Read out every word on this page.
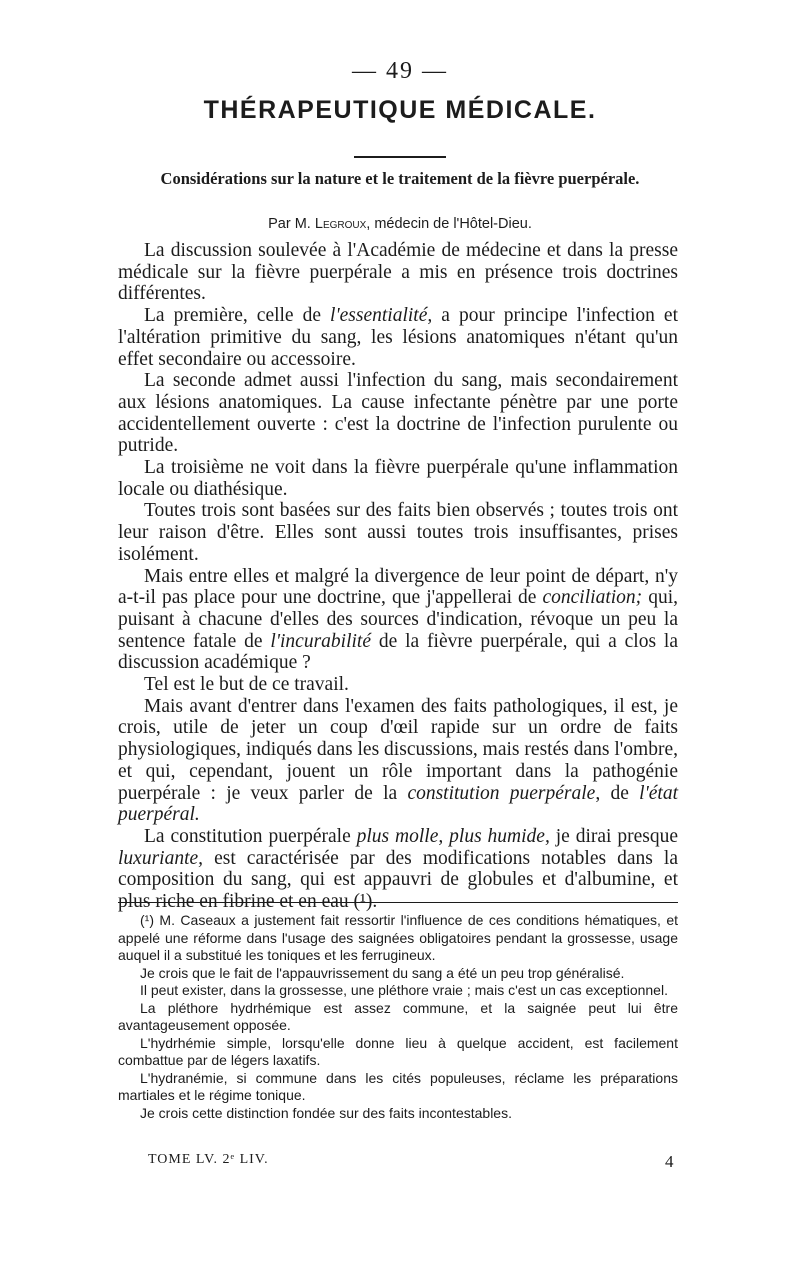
— 49 —
THÉRAPEUTIQUE MÉDICALE.
Considérations sur la nature et le traitement de la fièvre puerpérale.
Par M. Legroux, médecin de l'Hôtel-Dieu.

La discussion soulevée à l'Académie de médecine et dans la presse médicale sur la fièvre puerpérale a mis en présence trois doctrines différentes.

La première, celle de l'essentialité, a pour principe l'infection et l'altération primitive du sang, les lésions anatomiques n'étant qu'un effet secondaire ou accessoire.

La seconde admet aussi l'infection du sang, mais secondairement aux lésions anatomiques. La cause infectante pénètre par une porte accidentellement ouverte : c'est la doctrine de l'infection purulente ou putride.

La troisième ne voit dans la fièvre puerpérale qu'une inflammation locale ou diathésique.

Toutes trois sont basées sur des faits bien observés ; toutes trois ont leur raison d'être. Elles sont aussi toutes trois insuffisantes, prises isolément.

Mais entre elles et malgré la divergence de leur point de départ, n'y a-t-il pas place pour une doctrine, que j'appellerai de conciliation; qui, puisant à chacune d'elles des sources d'indication, révoque un peu la sentence fatale de l'incurabilité de la fièvre puerpérale, qui a clos la discussion académique ?

Tel est le but de ce travail.

Mais avant d'entrer dans l'examen des faits pathologiques, il est, je crois, utile de jeter un coup d'œil rapide sur un ordre de faits physiologiques, indiqués dans les discussions, mais restés dans l'ombre, et qui, cependant, jouent un rôle important dans la pathogénie puerpérale : je veux parler de la constitution puerpérale, de l'état puerpéral.

La constitution puerpérale plus molle, plus humide, je dirai presque luxuriante, est caractérisée par des modifications notables dans la composition du sang, qui est appauvri de globules et d'albumine, et plus riche en fibrine et en eau (¹).

(¹) M. Caseaux a justement fait ressortir l'influence de ces conditions hématiques, et appelé une réforme dans l'usage des saignées obligatoires pendant la grossesse, usage auquel il a substitué les toniques et les ferrugineux.

Je crois que le fait de l'appauvrissement du sang a été un peu trop généralisé.

Il peut exister, dans la grossesse, une pléthore vraie ; mais c'est un cas exceptionnel.

La pléthore hydrhémique est assez commune, et la saignée peut lui être avantageusement opposée.

L'hydrhémie simple, lorsqu'elle donne lieu à quelque accident, est facilement combattue par de légers laxatifs.

L'hydranémie, si commune dans les cités populeuses, réclame les préparations martiales et le régime tonique.

Je crois cette distinction fondée sur des faits incontestables.

TOME LV. 2ᵉ LIV.	4
